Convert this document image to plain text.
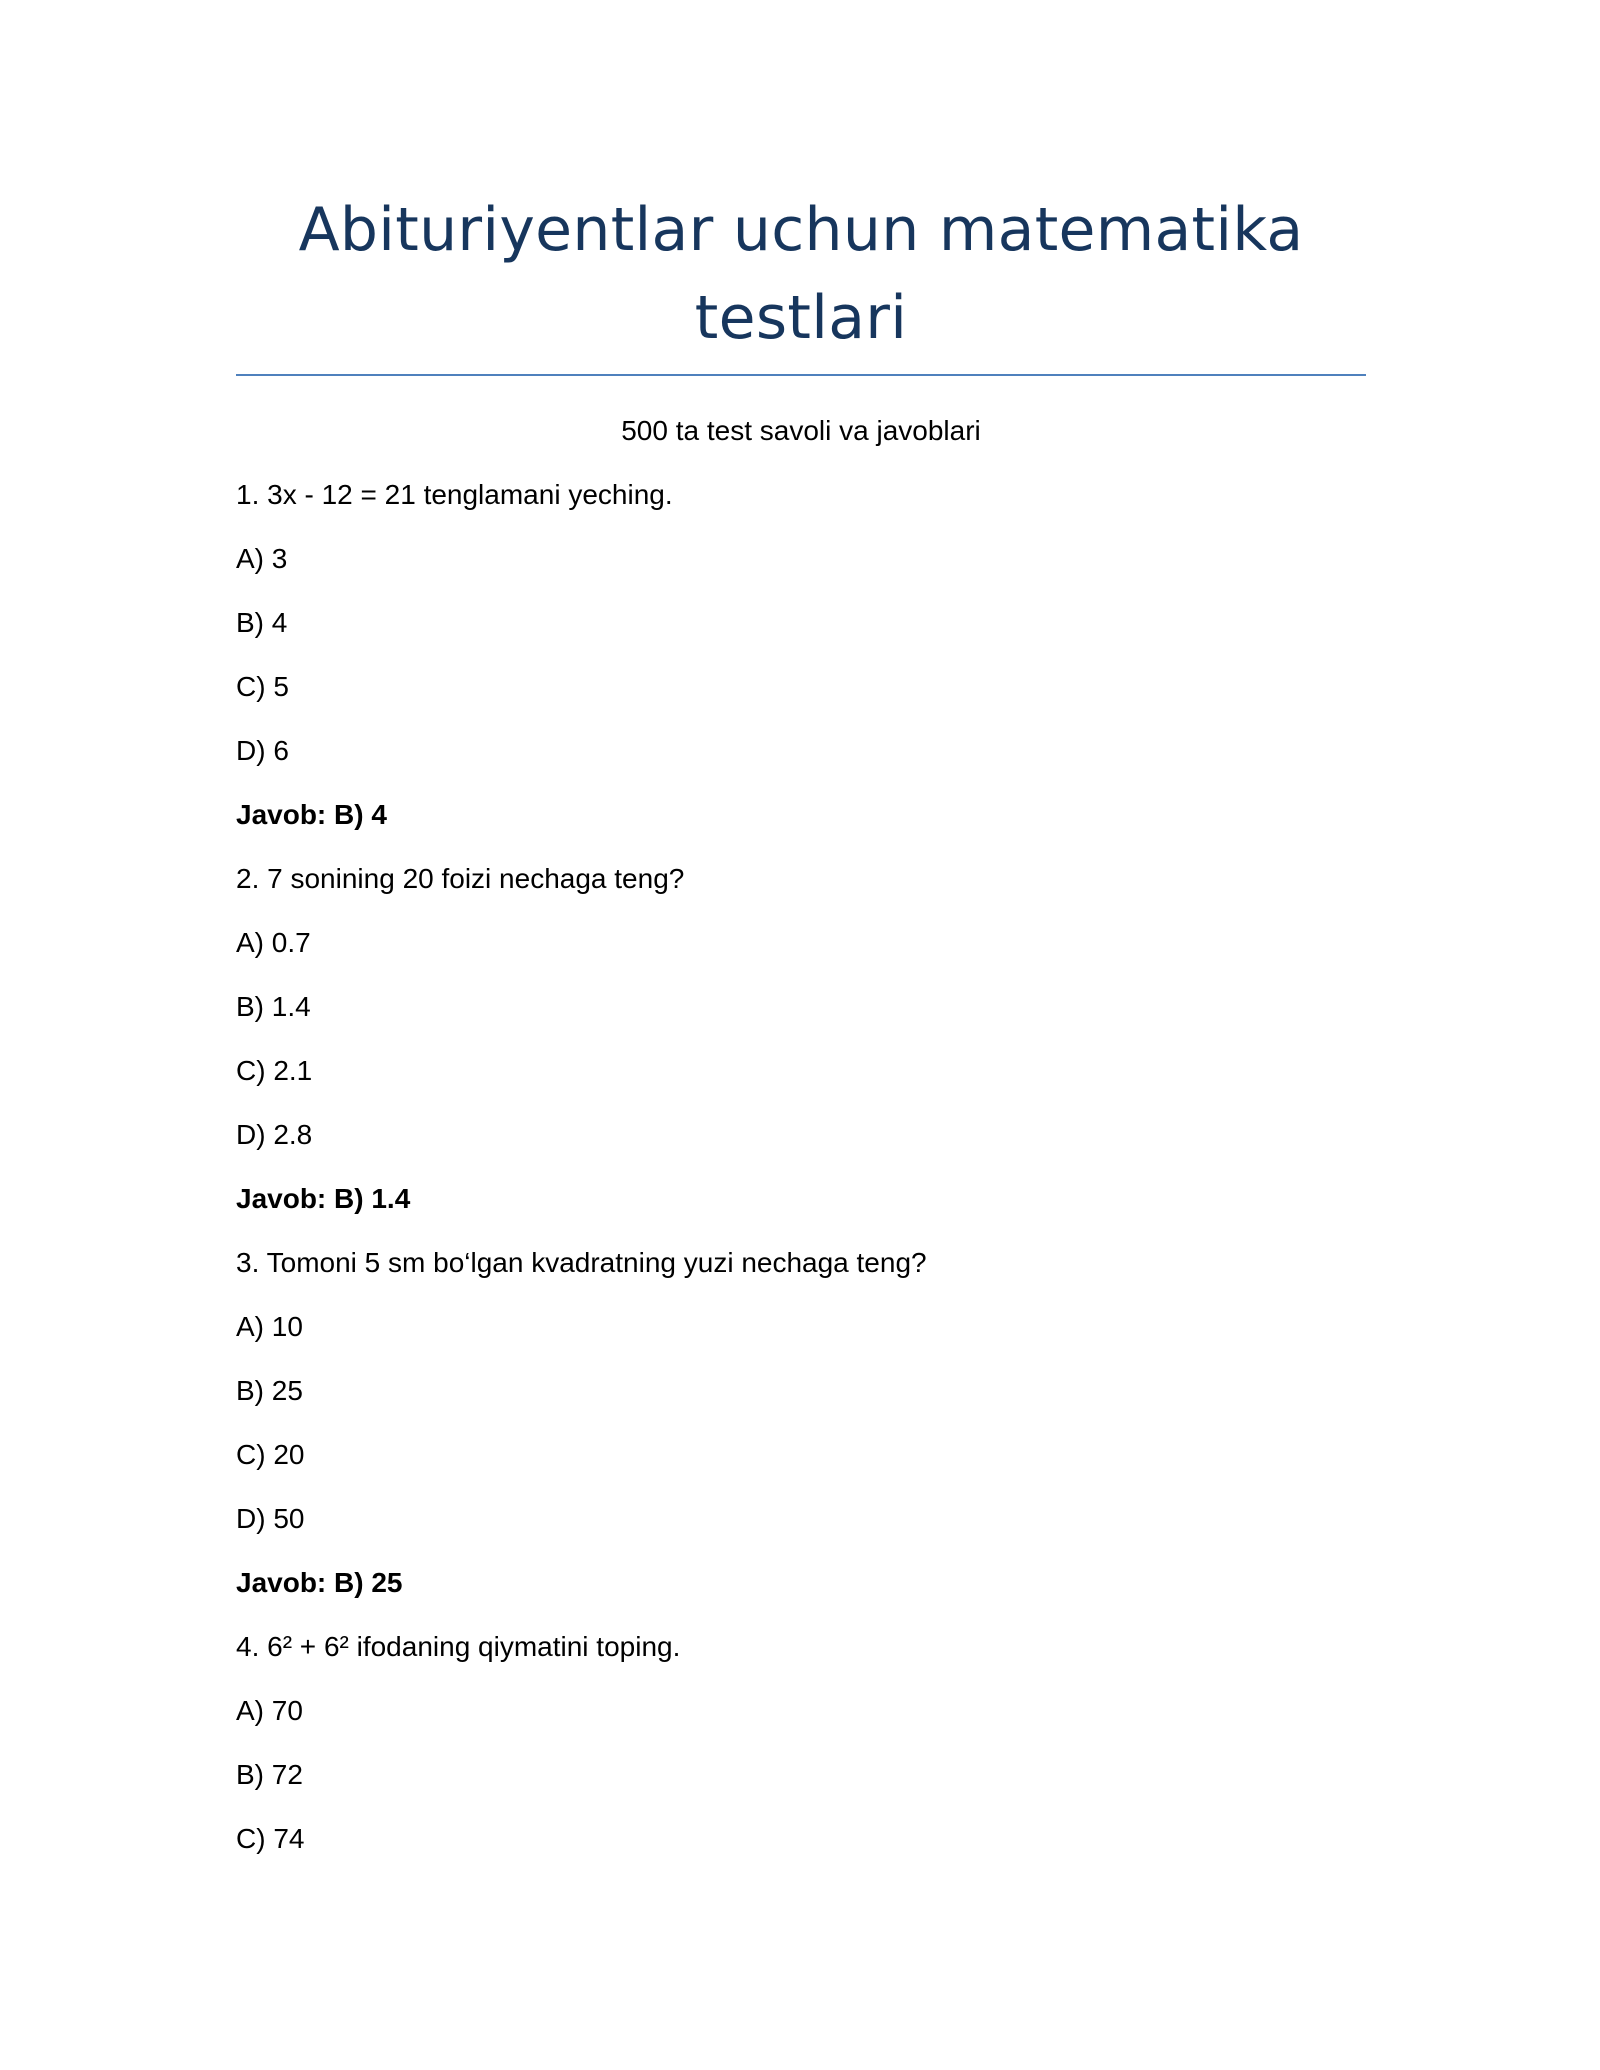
Abituriyentlar uchun matematika testlari
500 ta test savoli va javoblari
1. 3x - 12 = 21 tenglamani yeching.
A) 3
B) 4
C) 5
D) 6
Javob: B) 4
2. 7 sonining 20 foizi nechaga teng?
A) 0.7
B) 1.4
C) 2.1
D) 2.8
Javob: B) 1.4
3. Tomoni 5 sm bo‘lgan kvadratning yuzi nechaga teng?
A) 10
B) 25
C) 20
D) 50
Javob: B) 25
4. 6² + 6² ifodaning qiymatini toping.
A) 70
B) 72
C) 74
